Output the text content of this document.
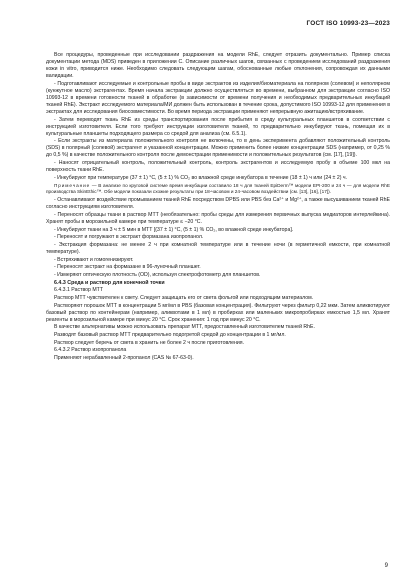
ГОСТ ISO 10993-23—2023

Все процедуры, проведенные при исследовании раздражения на модели RhE, следует отразить документально. Пример списка документации метода (MDS) приведен в приложении С. Описание различных шагов, связанных с проведением исследований раздражения кожи in vitro, приводится ниже. Необходимо следовать следующим шагам, обоснованные любые отклонения, сопровождая их данными валидации.

- Подготавливают исследуемые и контрольные пробы в виде экстрактов из изделия/биоматериала на полярном (солевом) и неполярном (кунжутное масло) экстрагентах. Время начала экстракции должно осуществляться во времени, выбранном для экстракции согласно ISO 10993-12 в времени готовности тканей в обработке (в зависимости от времени получения и необходимых предварительных инкубаций тканей RhE). Экстракт исследуемого материала/МИ должен быть использован в течение срока, допустимого ISO 10993-12 для применения в экстрактах для исследования биосовместимости. Во время периода экстракции применяют непрерывную ажитацию/встряхивание.

- Затем переводят ткань RhE из среды транспортирования после прибытия в среду культуральных планшетов в соответствии с инструкцией изготовителя. Если того требуют инструкции изготовителя тканей, то предварительно инкубируют ткань, помещая их в культуральные планшеты подходящего размера со средой для анализа (см. 6.5.1).

- Если экстракты из материала положительного контроля не включены, то в день эксперимента добавляют положительный контроль (SDS) в полярный (солевой) экстрагент и указанной концентрации. Можно применить более низкие концентрации SDS (например, от 0,25 % до 0,5 %) в качестве положительного контроля после демонстрации применимости и положительных результатов (см. [17], [19]).

- Наносят отрицательный контроль, положительный контроль, контроль экстрагентов и исследуемую пробу в объеме 100 мкл на поверхность ткани RhE.

- Инкубируют при температуре (37 ± 1) °С, (5 ± 1) % СО₂ во влажной среде инкубатора в течение (18 ± 1) ч или (24 ± 2) ч.

Примечание — В анализе по круговой системе время инкубации составило 18 ч для тканей EpiDerm™ модели EPI-200 и 24 ч — для модели RhE производства SkinEthic™. Обе модели показали схожие результаты при 18-часовом и 24-часовом воздействии (см. [13], [16], [17]).

- Останавливают воздействие промыванием тканей RhE посредством DPBS или PBS без Ca²⁺ и Mg²⁺, а также высушиванием тканей RhE согласно инструкциям изготовителя.

- Переносят образцы ткани в раствор МТТ (необязательно: пробы среды для измерения первичных выпуска медиаторов интерлейкина). Хранят пробы в морозильной камере при температуре ≤ −20 °С.

- Инкубируют ткани на 3 ч ± 5 мин в МТТ [(37 ± 1) °С, (5 ± 1) % СО₂, во влажной среде инкубатора].

- Переносят и погружают в экстракт формазана изопропанол.

- Экстракция формазанa: не менее 2 ч при комнатной температуре или в течение ночи (в герметичной емкости, при комнатной температуре).

- Встряхивают и гомогенизируют.

- Переносят экстракт на формазане в 96-луночный планшет.

- Измеряют оптическую плотность (OD), используя спектрофотометр для планшетов.

6.4.3 Среда и раствор для конечной точки
6.4.3.1 Раствор МТТ

Раствор МТТ чувствителен к свету. Следует защищать его от света фольгой или подходящим материалом.

Растворяют порошок МТТ в концентрации 5 мг/мл в PBS (базовая концентрация). Фильтруют через фильтр 0,22 мкм. Затем аликвотируют базовый раствор по контейнерам (например, аликвотами в 1 мл) в пробирках или маленьких микропробирках емкостью 1,5 мл. Хранят реагенты в морозильной камере при минус 20 °С. Срок хранения: 1 год при минус 20 °С.

В качестве альтернативы можно использовать препарат МТТ, предоставленный изготовителем тканей RhE.

Разводят базовый раствор МТТ предварительно подогретой средой до концентрации в 1 мг/мл.

Раствор следует беречь от света в хранить не более 2 ч после приготовления.

6.4.3.2 Раствор изопропанола

Применяют нерабавленный 2-пропанол (CAS № 67-63-0).

9
